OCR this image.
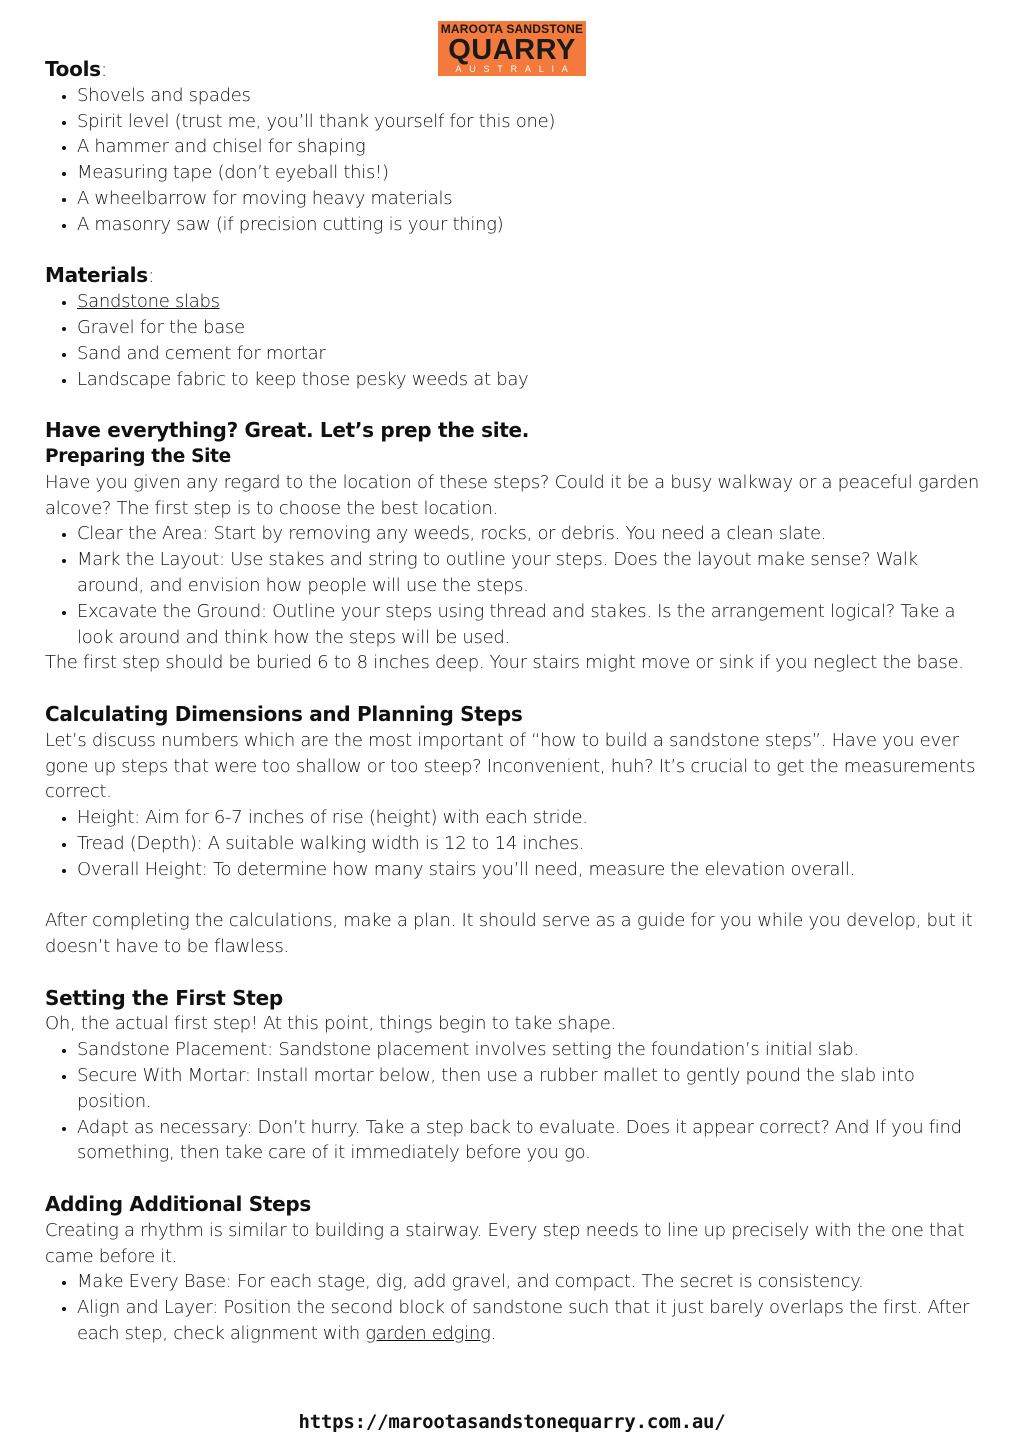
MAROOTA SANDSTONE
QUARRY
AUSTRALIA

Tools:

• Shovels and spades
• Spirit level (trust me, you’ll thank yourself for this one)
• A hammer and chisel for shaping
• Measuring tape (don’t eyeball this!)
• A wheelbarrow for moving heavy materials
• A masonry saw (if precision cutting is your thing)

Materials:

• Sandstone slabs
• Gravel for the base
• Sand and cement for mortar
• Landscape fabric to keep those pesky weeds at bay

Have everything? Great. Let’s prep the site.

Preparing the Site

Have you given any regard to the location of these steps? Could it be a busy walkway or a peaceful garden alcove? The first step is to choose the best location.

• Clear the Area: Start by removing any weeds, rocks, or debris. You need a clean slate.
• Mark the Layout: Use stakes and string to outline your steps. Does the layout make sense? Walk around, and envision how people will use the steps.
• Excavate the Ground: Outline your steps using thread and stakes. Is the arrangement logical? Take a look around and think how the steps will be used.

The first step should be buried 6 to 8 inches deep. Your stairs might move or sink if you neglect the base.

Calculating Dimensions and Planning Steps

Let’s discuss numbers which are the most important of “how to build a sandstone steps”. Have you ever gone up steps that were too shallow or too steep? Inconvenient, huh? It’s crucial to get the measurements correct.

• Height: Aim for 6-7 inches of rise (height) with each stride.
• Tread (Depth): A suitable walking width is 12 to 14 inches.
• Overall Height: To determine how many stairs you’ll need, measure the elevation overall.

After completing the calculations, make a plan. It should serve as a guide for you while you develop, but it doesn’t have to be flawless.

Setting the First Step

Oh, the actual first step! At this point, things begin to take shape.

• Sandstone Placement: Sandstone placement involves setting the foundation’s initial slab.
• Secure With Mortar: Install mortar below, then use a rubber mallet to gently pound the slab into position.
• Adapt as necessary: Don’t hurry. Take a step back to evaluate. Does it appear correct? And If you find something, then take care of it immediately before you go.

Adding Additional Steps

Creating a rhythm is similar to building a stairway. Every step needs to line up precisely with the one that came before it.

• Make Every Base: For each stage, dig, add gravel, and compact. The secret is consistency.
• Align and Layer: Position the second block of sandstone such that it just barely overlaps the first. After each step, check alignment with garden edging.
https://marootasandstonequarry.com.au/
